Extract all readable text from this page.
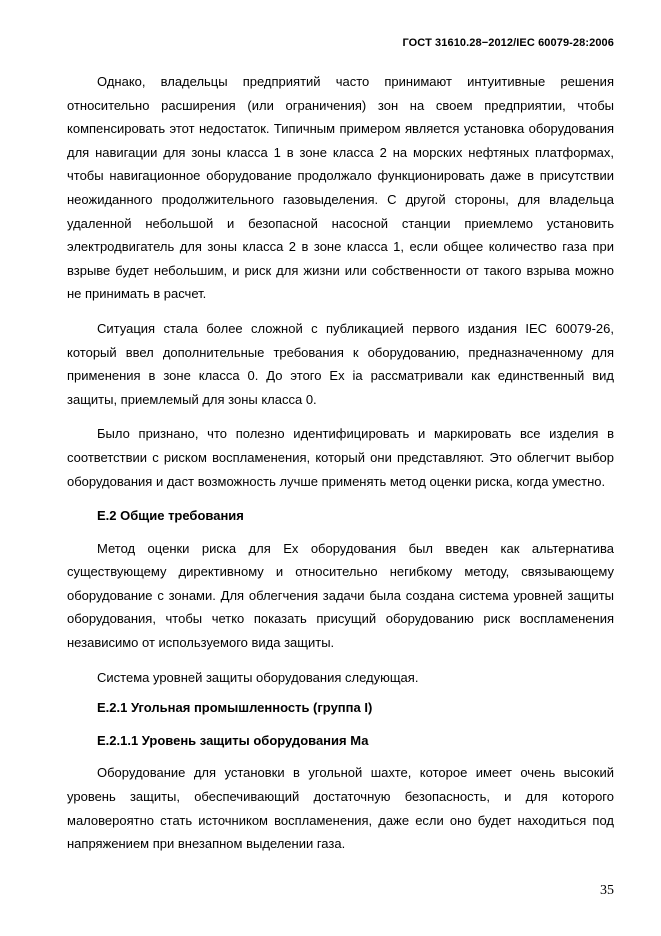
ГОСТ 31610.28−2012/IEC 60079-28:2006

Однако, владельцы предприятий часто принимают интуитивные решения относительно расширения (или ограничения) зон на своем предприятии, чтобы компенсировать этот недостаток. Типичным примером является установка оборудования для навигации для зоны класса 1 в зоне класса 2 на морских нефтяных платформах, чтобы навигационное оборудование продолжало функционировать даже в присутствии неожиданного продолжительного газовыделения. С другой стороны, для владельца удаленной небольшой и безопасной насосной станции приемлемо установить электродвигатель для зоны класса 2 в зоне класса 1, если общее количество газа при взрыве будет небольшим, и риск для жизни или собственности от такого взрыва можно не принимать в расчет.

Ситуация стала более сложной с публикацией первого издания IEC 60079-26, который ввел дополнительные требования к оборудованию, предназначенному для применения в зоне класса 0. До этого Ex ia рассматривали как единственный вид защиты, приемлемый для зоны класса 0.

Было признано, что полезно идентифицировать и маркировать все изделия в соответствии с риском воспламенения, который они представляют. Это облегчит выбор оборудования и даст возможность лучше применять метод оценки риска, когда уместно.

Е.2 Общие требования

Метод оценки риска для Ex оборудования был введен как альтернатива существующему директивному и относительно негибкому методу, связывающему оборудование с зонами. Для облегчения задачи была создана система уровней защиты оборудования, чтобы четко показать присущий оборудованию риск воспламенения независимо от используемого вида защиты.

Система уровней защиты оборудования следующая.

Е.2.1 Угольная промышленность (группа I)

Е.2.1.1 Уровень защиты оборудования Ма

Оборудование для установки в угольной шахте, которое имеет очень высокий уровень защиты, обеспечивающий достаточную безопасность, и для которого маловероятно стать источником воспламенения, даже если оно будет находиться под напряжением при внезапном выделении газа.

35
